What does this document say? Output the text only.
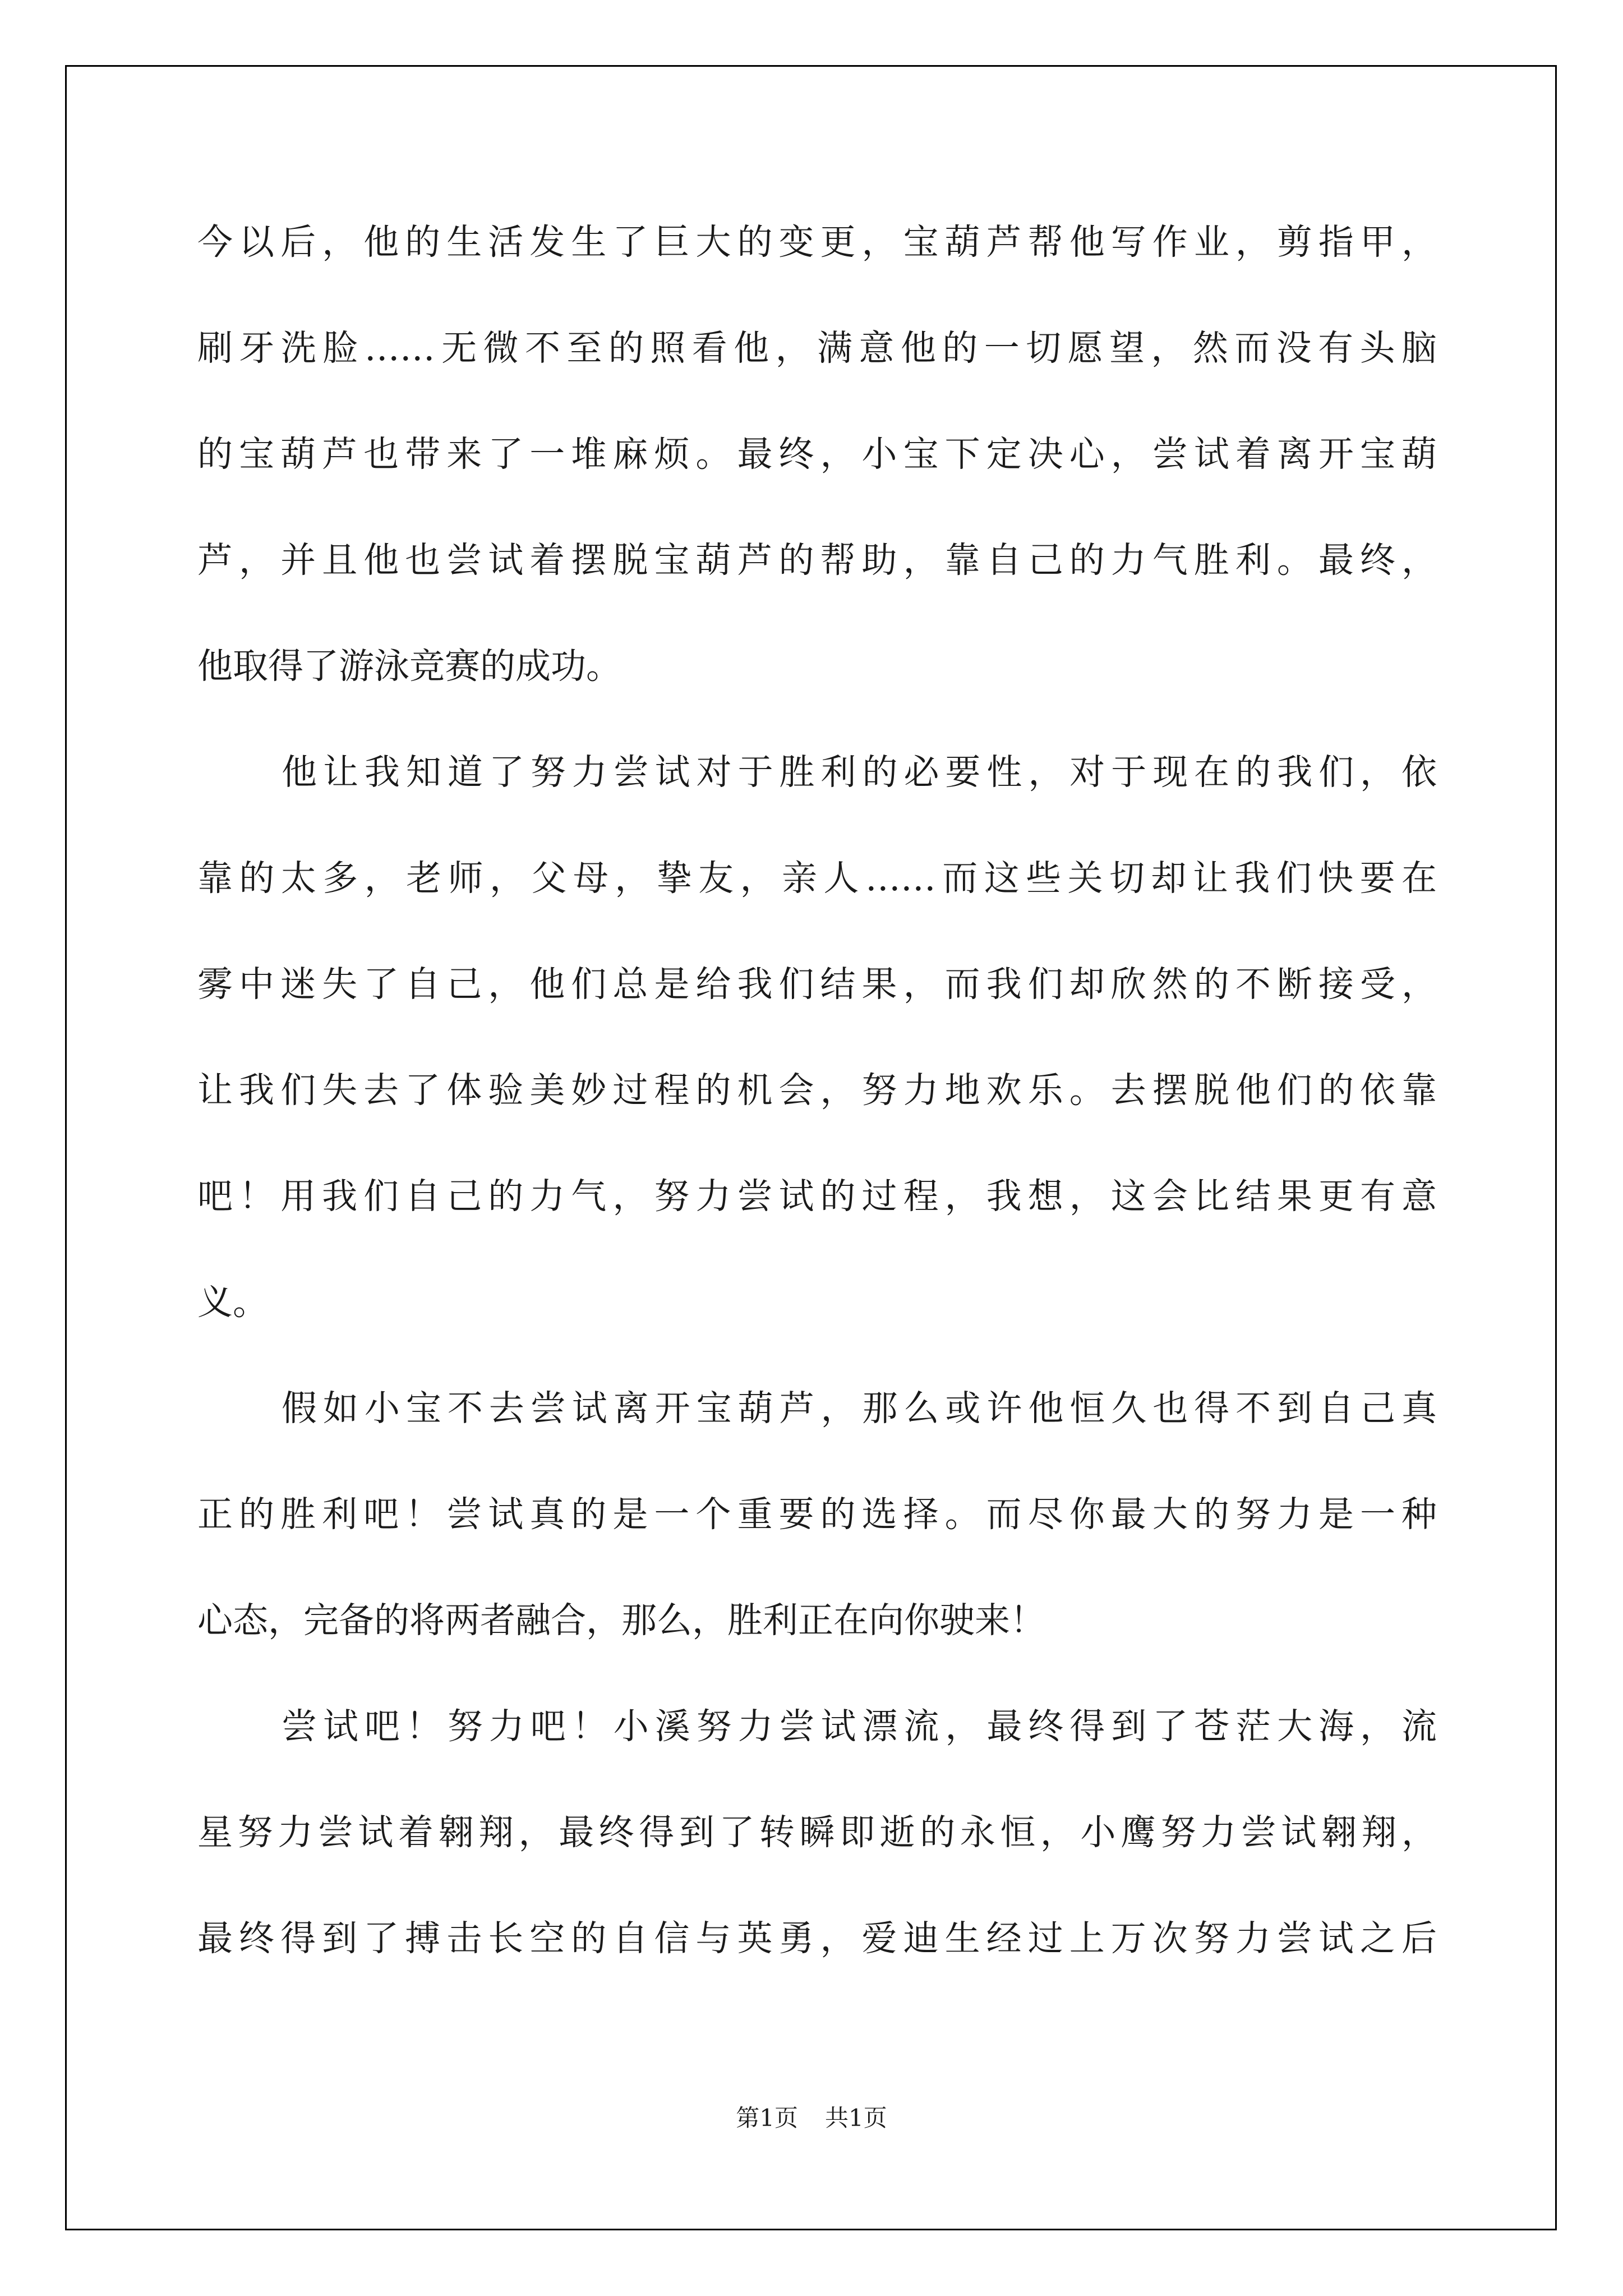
今以后，他的生活发生了巨大的变更，宝葫芦帮他写作业，剪指甲，
刷牙洗脸……无微不至的照看他，满意他的一切愿望，然而没有头脑
的宝葫芦也带来了一堆麻烦。最终，小宝下定决心，尝试着离开宝葫
芦，并且他也尝试着摆脱宝葫芦的帮助，靠自己的力气胜利。最终，
他取得了游泳竞赛的成功。
他让我知道了努力尝试对于胜利的必要性，对于现在的我们，依
靠的太多，老师，父母，挚友，亲人……而这些关切却让我们快要在
雾中迷失了自己，他们总是给我们结果，而我们却欣然的不断接受，
让我们失去了体验美妙过程的机会，努力地欢乐。去摆脱他们的依靠
吧！用我们自己的力气，努力尝试的过程，我想，这会比结果更有意
义。
假如小宝不去尝试离开宝葫芦，那么或许他恒久也得不到自己真
正的胜利吧！尝试真的是一个重要的选择。而尽你最大的努力是一种
心态，完备的将两者融合，那么，胜利正在向你驶来！
尝试吧！努力吧！小溪努力尝试漂流，最终得到了苍茫大海，流
星努力尝试着翱翔，最终得到了转瞬即逝的永恒，小鹰努力尝试翱翔，
最终得到了搏击长空的自信与英勇，爱迪生经过上万次努力尝试之后
第1页 共1页
